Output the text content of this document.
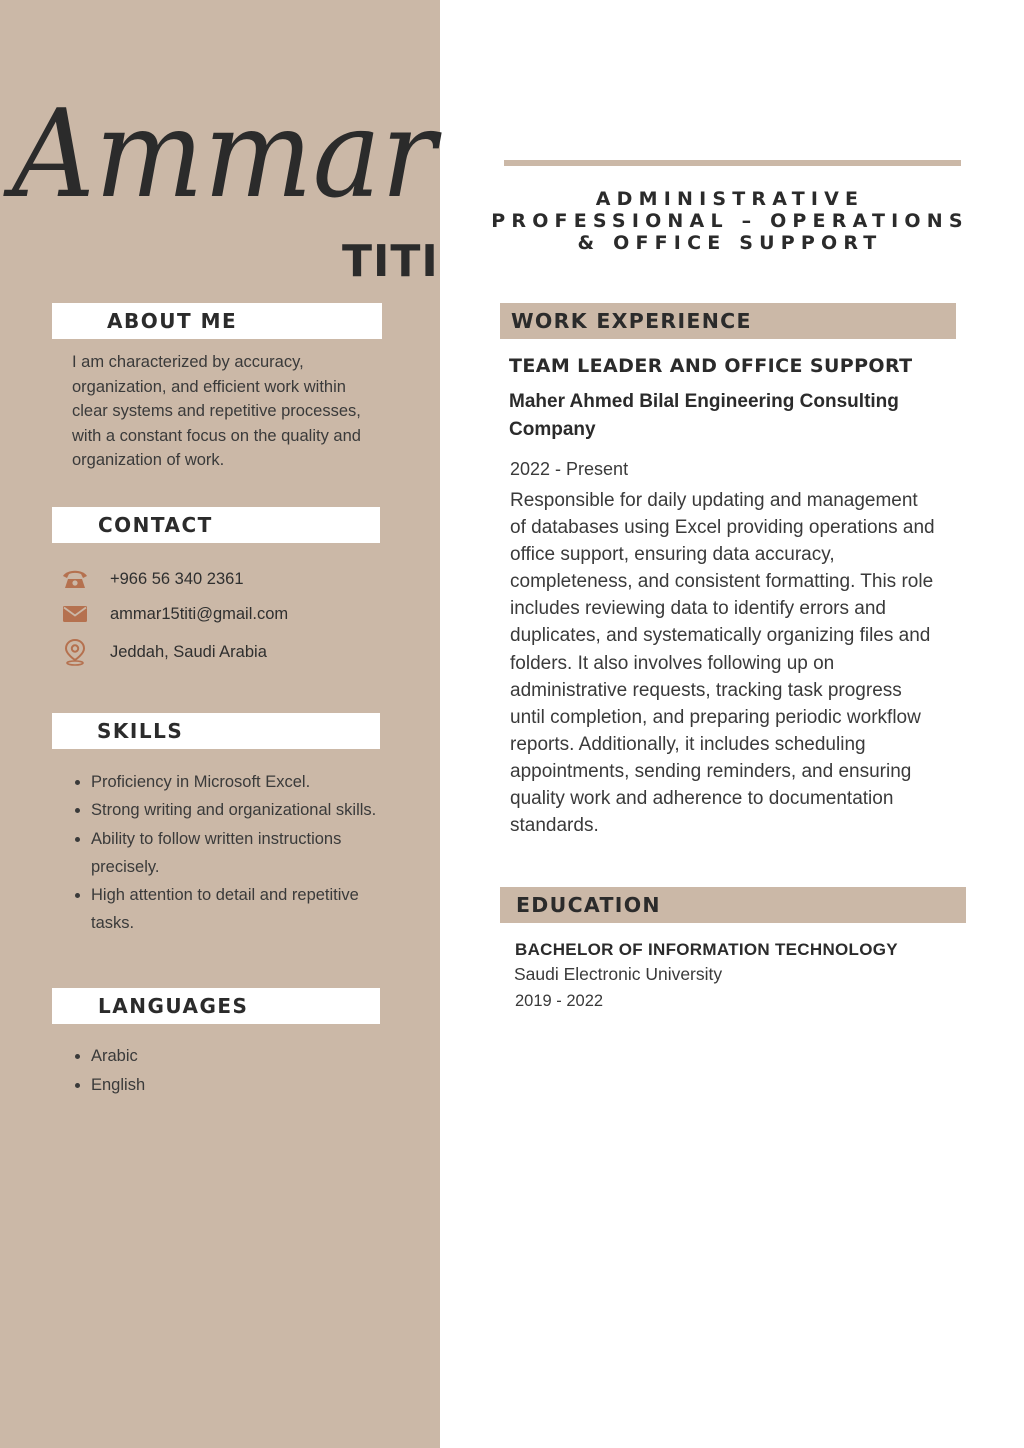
Ammar
TITI
ABOUT ME

I am characterized by accuracy, organization, and efficient work within clear systems and repetitive processes, with a constant focus on the quality and organization of work.

CONTACT
+966 56 340 2361
ammar15titi@gmail.com
Jeddah, Saudi Arabia
SKILLS
• Proficiency in Microsoft Excel.
• Strong writing and organizational skills.
• Ability to follow written instructions precisely.
• High attention to detail and repetitive tasks.
LANGUAGES
• Arabic
• English
ADMINISTRATIVE PROFESSIONAL – OPERATIONS & OFFICE SUPPORT
WORK EXPERIENCE
TEAM LEADER AND OFFICE SUPPORT

Maher Ahmed Bilal Engineering Consulting Company

2022 - Present

Responsible for daily updating and management of databases using Excel providing operations and office support, ensuring data accuracy, completeness, and consistent formatting. This role includes reviewing data to identify errors and duplicates, and systematically organizing files and folders. It also involves following up on administrative requests, tracking task progress until completion, and preparing periodic workflow reports. Additionally, it includes scheduling appointments, sending reminders, and ensuring quality work and adherence to documentation standards.

EDUCATION

BACHELOR OF INFORMATION TECHNOLOGY

Saudi Electronic University

2019 - 2022
